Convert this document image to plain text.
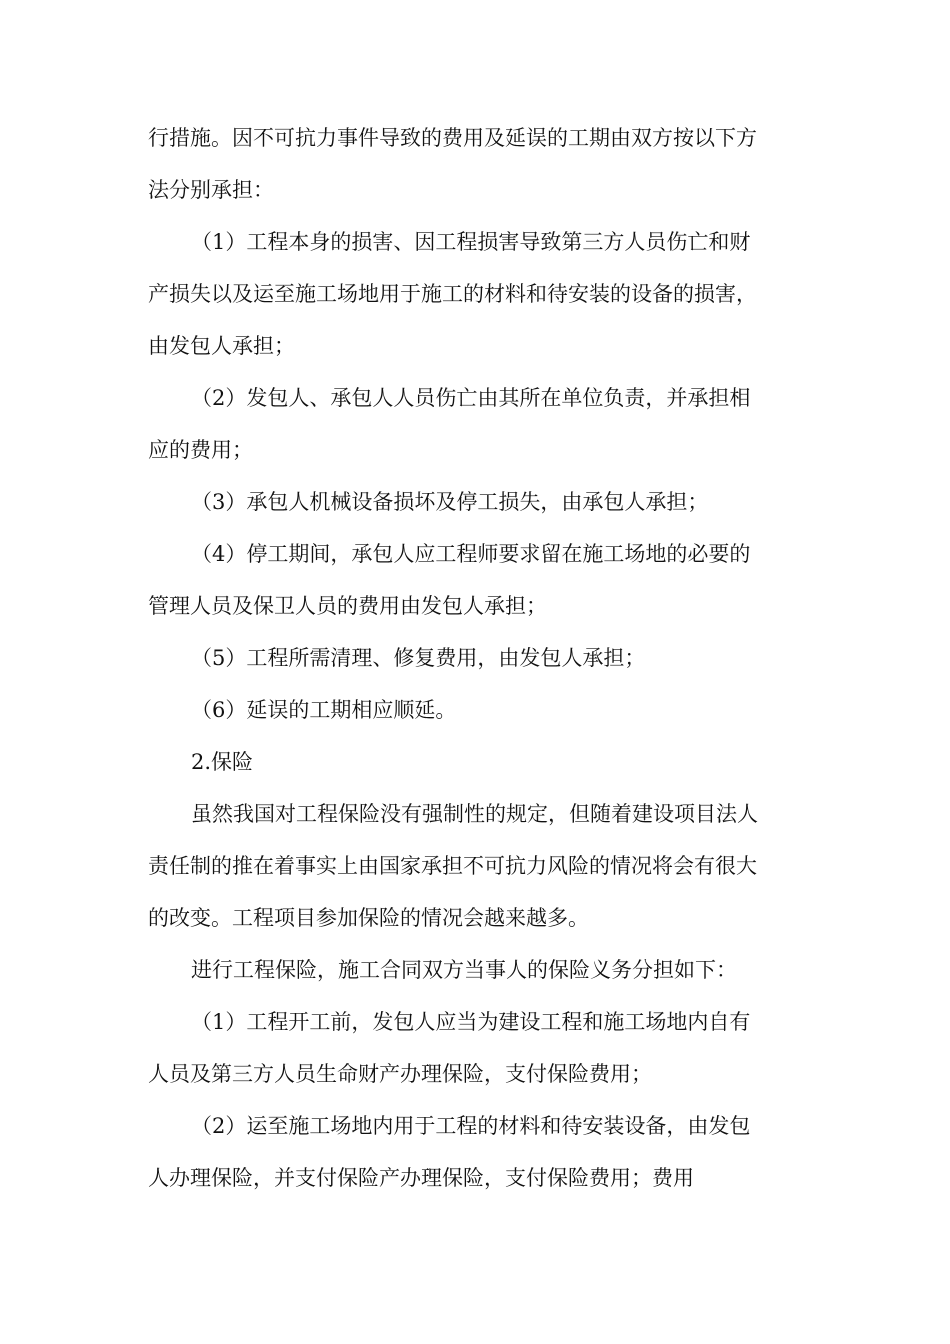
行措施。因不可抗力事件导致的费用及延误的工期由双方按以下方

法分别承担：

（1）工程本身的损害、因工程损害导致第三方人员伤亡和财

产损失以及运至施工场地用于施工的材料和待安装的设备的损害，

由发包人承担；

（2）发包人、承包人人员伤亡由其所在单位负责，并承担相

应的费用；

（3）承包人机械设备损坏及停工损失，由承包人承担；

（4）停工期间，承包人应工程师要求留在施工场地的必要的

管理人员及保卫人员的费用由发包人承担；

（5）工程所需清理、修复费用，由发包人承担；

（6）延误的工期相应顺延。

2.保险

虽然我国对工程保险没有强制性的规定，但随着建设项目法人

责任制的推在着事实上由国家承担不可抗力风险的情况将会有很大

的改变。工程项目参加保险的情况会越来越多。

进行工程保险，施工合同双方当事人的保险义务分担如下：

（1）工程开工前，发包人应当为建设工程和施工场地内自有

人员及第三方人员生命财产办理保险，支付保险费用；

（2）运至施工场地内用于工程的材料和待安装设备，由发包

人办理保险，并支付保险产办理保险，支付保险费用；费用
